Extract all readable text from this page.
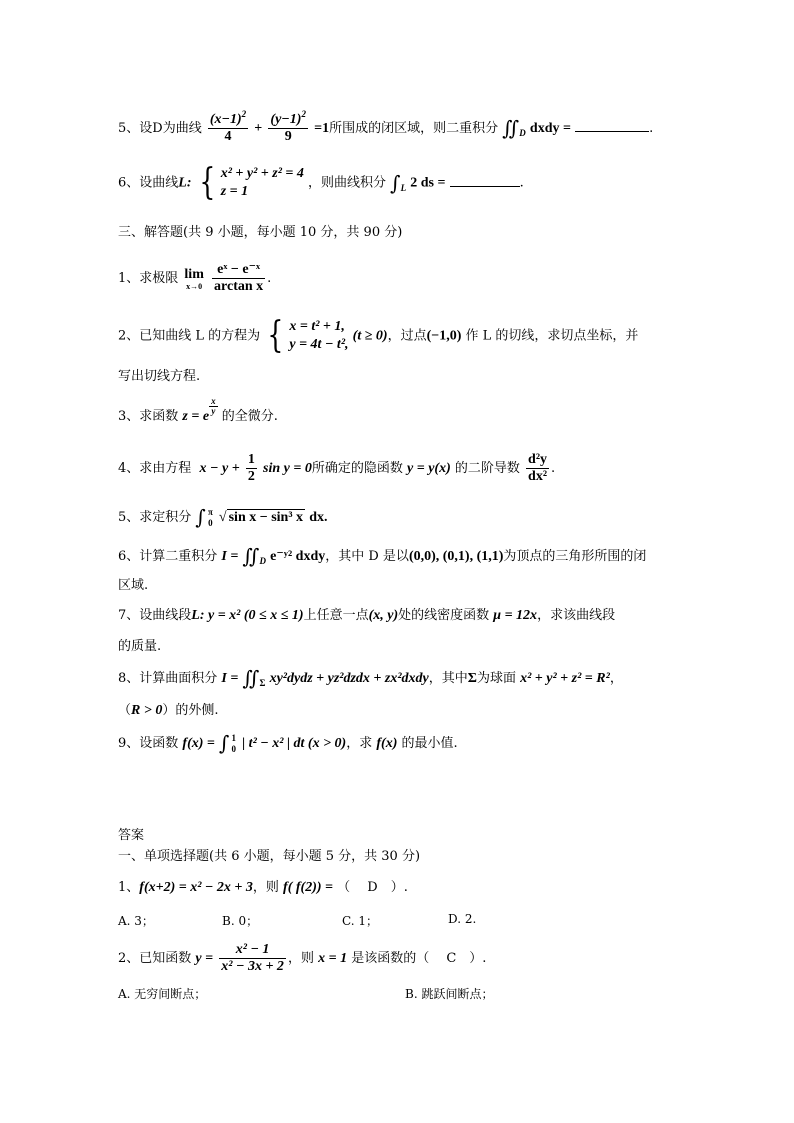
5、设D为曲线 $\frac{(x-1)^2}{4} + \frac{(y-1)^2}{9} =1$所围成的闭区域，则二重积分 $∬_D$ dxdy =	.
6、设曲线L: { x² + y² + z² = 4
z = 1
，则曲线积分 $\int_L$ 2 ds =	.
三、解答题(共 9 小题，每小题 10 分，共 90 分)
1、求极限 lim
x→0
$\frac{\text{eˣ − e⁻ˣ}}{\text{arctan x}}$ .
2、已知曲线 L 的方程为 { x = t² + 1,
y = 4t − t²,
(t ≥ 0)，过点(−1,0) 作 L 的切线，求切点坐标，并
写出切线方程.
3、求函数 z = e
$\frac{x}{y}$
的全微分.
4、求由方程 $x - y + \frac{1}{2}$ sin y = 0所确定的隐函数 y = y(x) 的二阶导数 $\frac{\text{d²y}}{\text{dx²}}$ .
5、求定积分 ∫ π
0 √ sin x − sin³ x dx.
6、计算二重积分 $I = ∬_D$ e⁻ʸ² dxdy，其中 D 是以(0,0), (0,1), (1,1)为顶点的三角形所围的闭
区域.
7、设曲线段L: y = x² (0 ≤ x ≤ 1)上任意一点(x, y)处的线密度函数 μ = 12x，求该曲线段
的质量.
8、计算曲面积分 $I = ∬_\Sigma$ xy²dydz + yz²dzdx + zx²dxdy，其中Σ为球面 x² + y² + z² = R²，
（R > 0）的外侧.
9、设函数 f(x) = ∫ 1
0 | t² − x² | dt (x > 0)，求 f(x) 的最小值.
答案
一、单项选择题(共 6 小题，每小题 5 分，共 30 分)
1、f(x+2) = x² − 2x + 3，则 f( f(2)) = （　 D　）.
A. 3；	B. 0；	C. 1；	D. 2.
2、已知函数 $y = \frac{\text{x² − 1}}{\text{x² − 3x + 2}}$ ，则 x = 1 是该函数的（　 C　）.
A. 无穷间断点；	B. 跳跃间断点；
